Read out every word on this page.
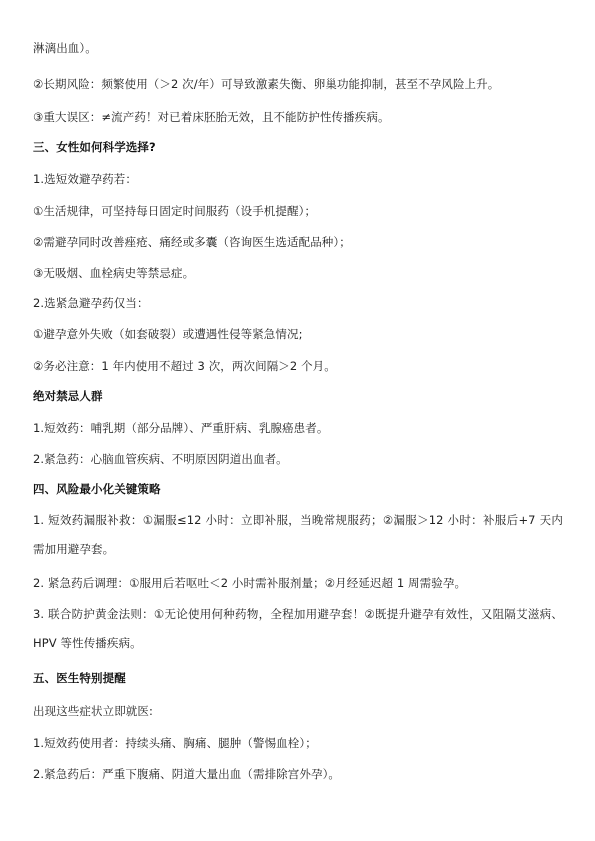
淋漓出血）。
②长期风险：频繁使用（＞2 次/年）可导致激素失衡、卵巢功能抑制，甚至不孕风险上升。
③重大误区：≠流产药！对已着床胚胎无效，且不能防护性传播疾病。
三、女性如何科学选择?
1.选短效避孕药若：
①生活规律，可坚持每日固定时间服药（设手机提醒）；
②需避孕同时改善痤疮、痛经或多囊（咨询医生选适配品种）；
③无吸烟、血栓病史等禁忌症。
2.选紧急避孕药仅当：
①避孕意外失败（如套破裂）或遭遇性侵等紧急情况;
②务必注意：1 年内使用不超过 3 次，两次间隔＞2 个月。
绝对禁忌人群
1.短效药：哺乳期（部分品牌）、严重肝病、乳腺癌患者。
2.紧急药：心脑血管疾病、不明原因阴道出血者。
四、风险最小化关键策略
1. 短效药漏服补救：①漏服≤12 小时：立即补服，当晚常规服药；②漏服＞12 小时：补服后+7 天内需加用避孕套。
2. 紧急药后调理：①服用后若呕吐＜2 小时需补服剂量；②月经延迟超 1 周需验孕。
3. 联合防护黄金法则：①无论使用何种药物，全程加用避孕套！②既提升避孕有效性，又阻隔艾滋病、HPV 等性传播疾病。
五、医生特别提醒
出现这些症状立即就医:
1.短效药使用者：持续头痛、胸痛、腿肿（警惕血栓）；
2.紧急药后：严重下腹痛、阴道大量出血（需排除宫外孕）。
